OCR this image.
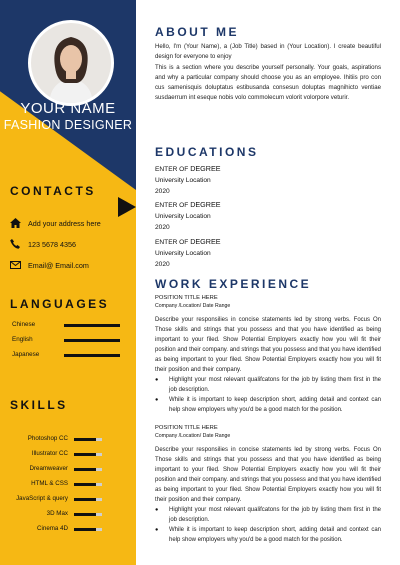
YOUR NAME
FASHION DESIGNER
CONTACTS
Add your address here
123 5678 4356
Email@ Email.com
LANGUAGES
Chinese
English
Japanese
SKILLS
Photoshop CC
Illustrator CC
Dreamweaver
HTML & CSS
JavaScript & query
3D Max
Cinema 4D
ABOUT ME
Hello, I'm (Your Name), a (Job Title) based in (Your Location). I create beautiful design for everyone to enjoy
This is a section where you describe yourself personally. Your goals, aspirations and why a particular company should choose you as an employee. Ihitiis pro con cus samenisquis doluptatus estibusanda consesun doluptas magnihicto ventiae susdaerrum int eseque nobis volo commolecum volorit volorpore veturir.
EDUCATIONS
ENTER OF DEGREE
University Location
2020
ENTER OF DEGREE
University Location
2020
ENTER OF DEGREE
University Location
2020
WORK EXPERIENCE
POSITION TITLE HERE
Company /Location/ Date Range
Describe your responsilies in concise statements led by strong verbs. Focus On Those skills and strings that you possess and that you have identified as being important to your filed. Show Potential Employers exactly how you will fit their position and their company. and strings that you possess and that you have identified as being important to your filed. Show Potential Employers exactly how you will fit their position and their company.
● Highlight your most relevant qualifcatons for the job by listing them first in the job description.
● While it is important to keep description short, adding detail and context can help show employers why you'd be a good match for the position.
POSITION TITLE HERE
Company /Location/ Date Range
Describe your responsilies in concise statements led by strong verbs. Focus On Those skills and strings that you possess and that you have identified as being important to your filed. Show Potential Employers exactly how you will fit their position and their company. and strings that you possess and that you have identified as being important to your filed. Show Potential Employers exactly how you will fit their position and their company.
● Highlight your most relevant qualifcatons for the job by listing them first in the job description.
● While it is important to keep description short, adding detail and context can help show employers why you'd be a good match for the position.
